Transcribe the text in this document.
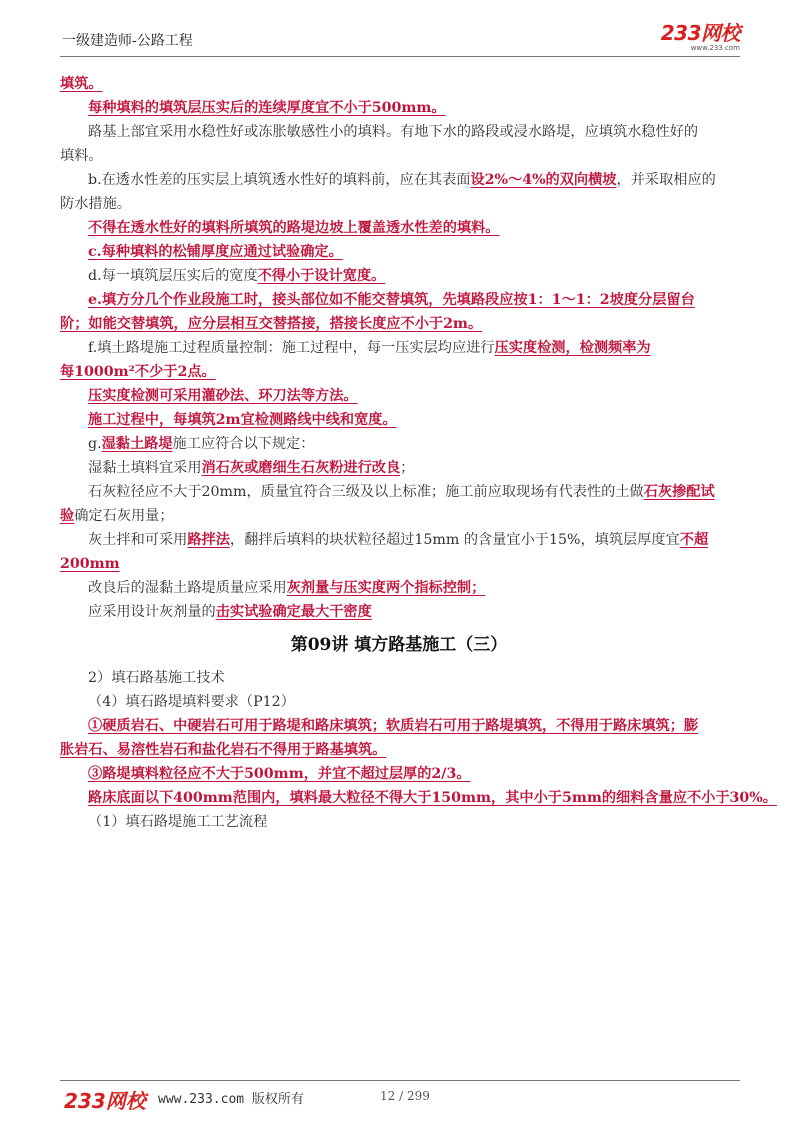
一级建造师-公路工程	233网校
www.233.com
填筑。
每种填料的填筑层压实后的连续厚度宜不小于500mm。
路基上部宜采用水稳性好或冻胀敏感性小的填料。有地下水的路段或浸水路堤，应填筑水稳性好的
填料。
b.在透水性差的压实层上填筑透水性好的填料前，应在其表面设2%～4%的双向横坡，并采取相应的
防水措施。
不得在透水性好的填料所填筑的路堤边坡上覆盖透水性差的填料。
c.每种填料的松铺厚度应通过试验确定。
d.每一填筑层压实后的宽度不得小于设计宽度。
e.填方分几个作业段施工时，接头部位如不能交替填筑，先填路段应按1：1～1：2坡度分层留台
阶；如能交替填筑，应分层相互交替搭接，搭接长度应不小于2m。
f.填土路堤施工过程质量控制：施工过程中，每一压实层均应进行压实度检测，检测频率为
每1000m²不少于2点。
压实度检测可采用灌砂法、环刀法等方法。
施工过程中，每填筑2m宜检测路线中线和宽度。
g.湿黏土路堤施工应符合以下规定：
湿黏土填料宜采用消石灰或磨细生石灰粉进行改良；
石灰粒径应不大于20mm，质量宜符合三级及以上标准；施工前应取现场有代表性的土做石灰掺配试
验确定石灰用量；
灰土拌和可采用路拌法，翻拌后填料的块状粒径超过15mm 的含量宜小于15%，填筑层厚度宜不超
200mm
改良后的湿黏土路堤质量应采用灰剂量与压实度两个指标控制；
应采用设计灰剂量的击实试验确定最大干密度
第09讲 填方路基施工（三）
2）填石路基施工技术
（4）填石路堤填料要求（P12）
①硬质岩石、中硬岩石可用于路堤和路床填筑；软质岩石可用于路堤填筑，不得用于路床填筑；膨
胀岩石、易溶性岩石和盐化岩石不得用于路基填筑。
③路堤填料粒径应不大于500mm，并宜不超过层厚的2/3。
路床底面以下400mm范围内，填料最大粒径不得大于150mm，其中小于5mm的细料含量应不小于30%。
（1）填石路堤施工工艺流程
233网校 www.233.com 版权所有	12 / 299
